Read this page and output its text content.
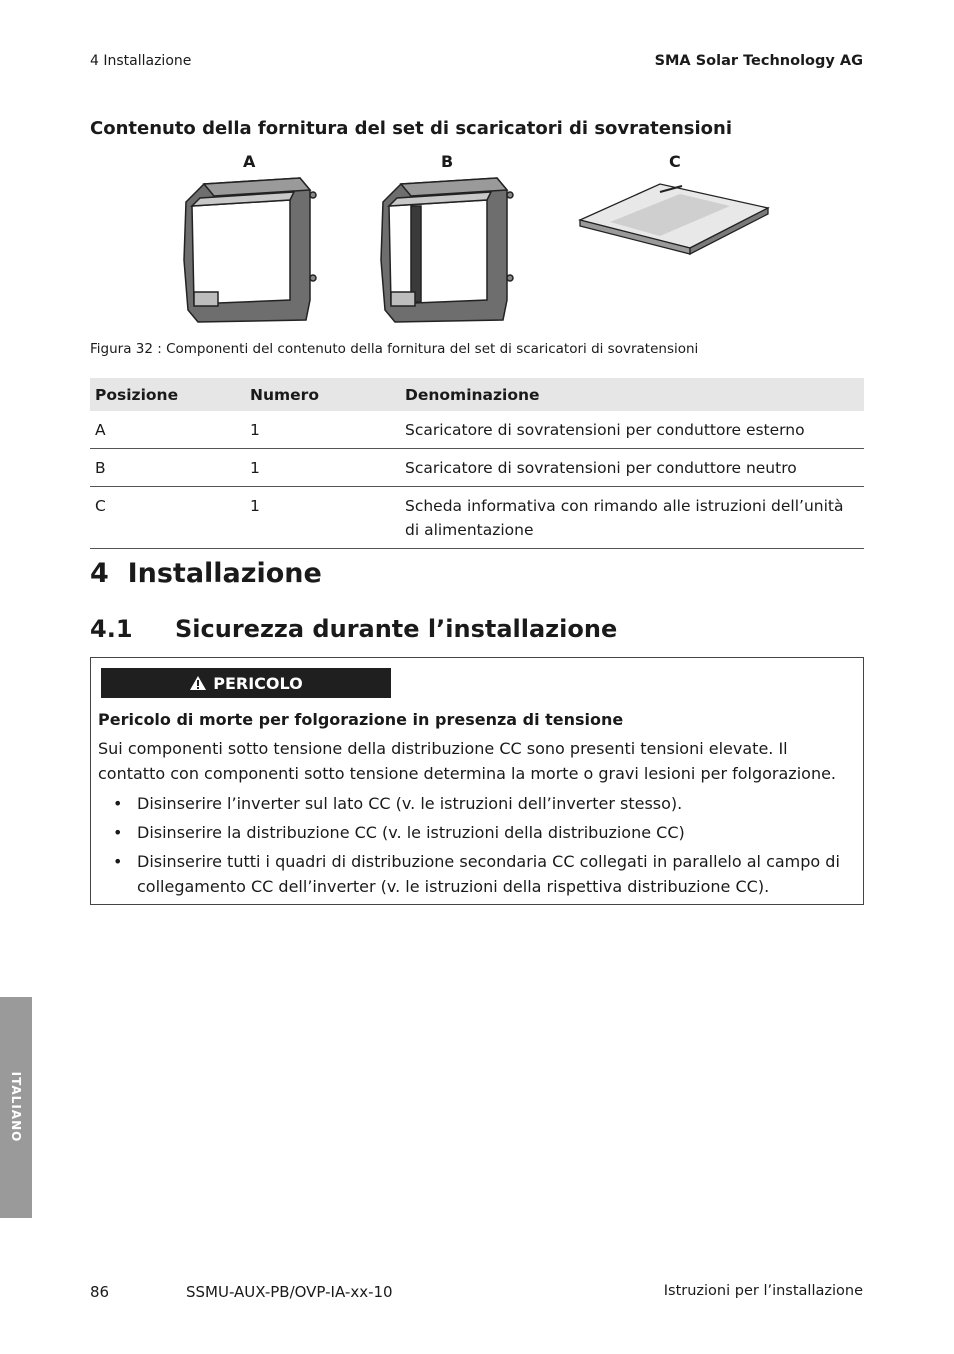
4 Installazione	SMA Solar Technology AG
Contenuto della fornitura del set di scaricatori di sovratensioni
A	B	C
Figura 32 : Componenti del contenuto della fornitura del set di scaricatori di sovratensioni
Posizione	Numero	Denominazione
A	1	Scaricatore di sovratensioni per conduttore esterno
B	1	Scaricatore di sovratensioni per conduttore neutro
C	1	Scheda informativa con rimando alle istruzioni dell’unità di alimentazione
4  Installazione
4.1 Sicurezza durante l’installazione
PERICOLO
Pericolo di morte per folgorazione in presenza di tensione
Sui componenti sotto tensione della distribuzione CC sono presenti tensioni elevate. Il contatto con componenti sotto tensione determina la morte o gravi lesioni per folgorazione.
• Disinserire l’inverter sul lato CC (v. le istruzioni dell’inverter stesso).
• Disinserire la distribuzione CC (v. le istruzioni della distribuzione CC)
• Disinserire tutti i quadri di distribuzione secondaria CC collegati in parallelo al campo di collegamento CC dell’inverter (v. le istruzioni della rispettiva distribuzione CC).
ITALIANO
86	SSMU-AUX-PB/OVP-IA-xx-10	Istruzioni per l’installazione
